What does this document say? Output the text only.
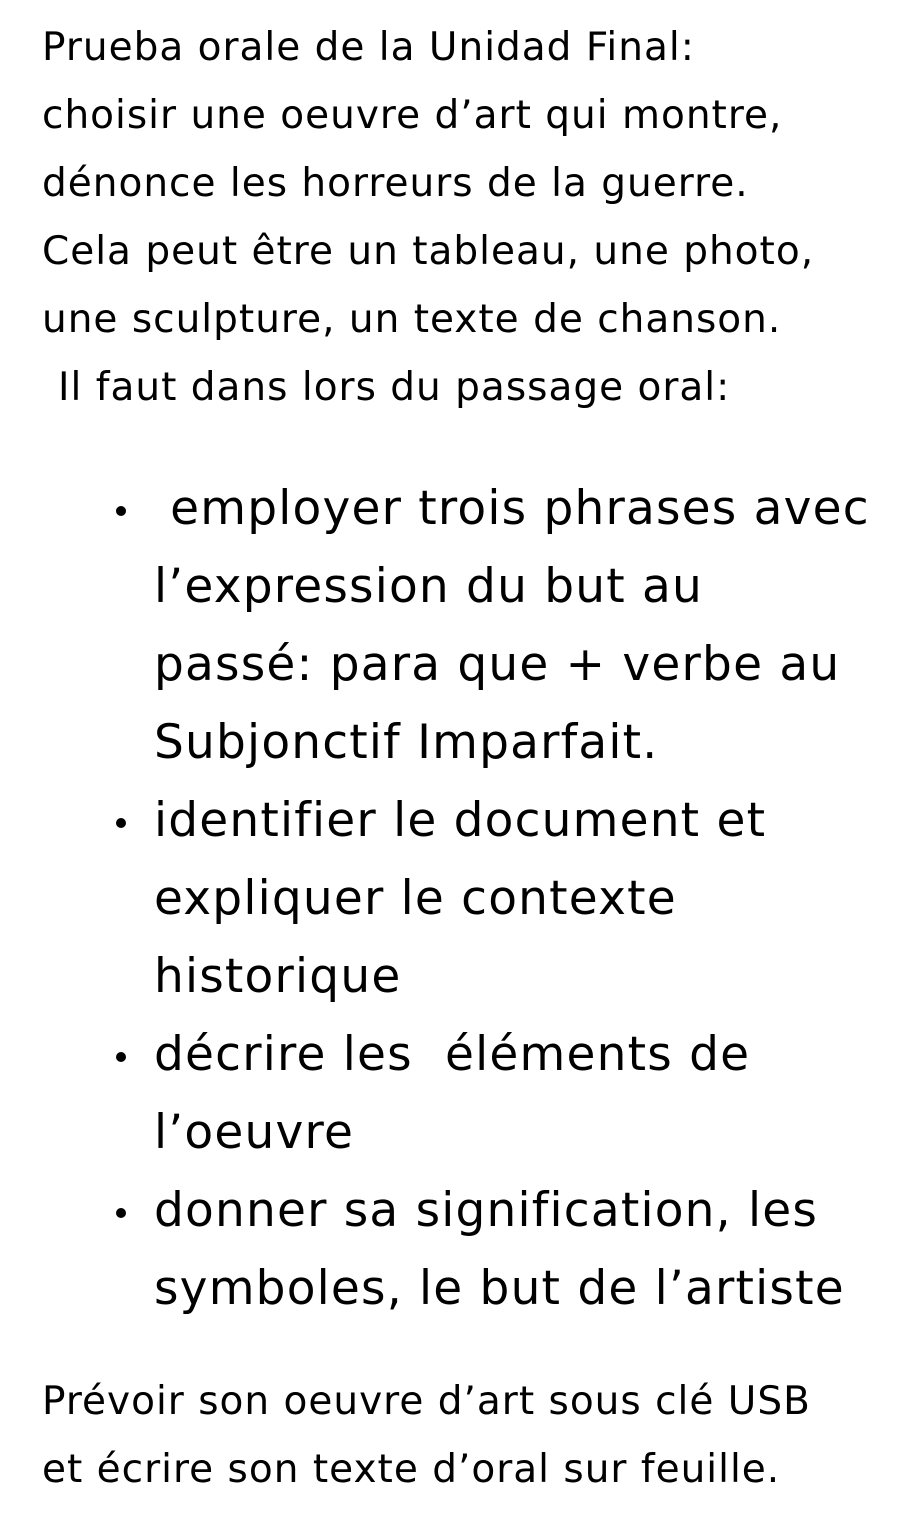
Prueba orale de la Unidad Final:
choisir une oeuvre d’art qui montre,
dénonce les horreurs de la guerre.
Cela peut être un tableau, une photo,
une sculpture, un texte de chanson.
Il faut dans lors du passage oral:
employer trois phrases avec
l’expression du but au
passé: para que + verbe au
Subjonctif Imparfait.
identifier le document et
expliquer le contexte
historique
décrire les  éléments de
l’oeuvre
donner sa signification, les
symboles, le but de l’artiste
Prévoir son oeuvre d’art sous clé USB
et écrire son texte d’oral sur feuille.
